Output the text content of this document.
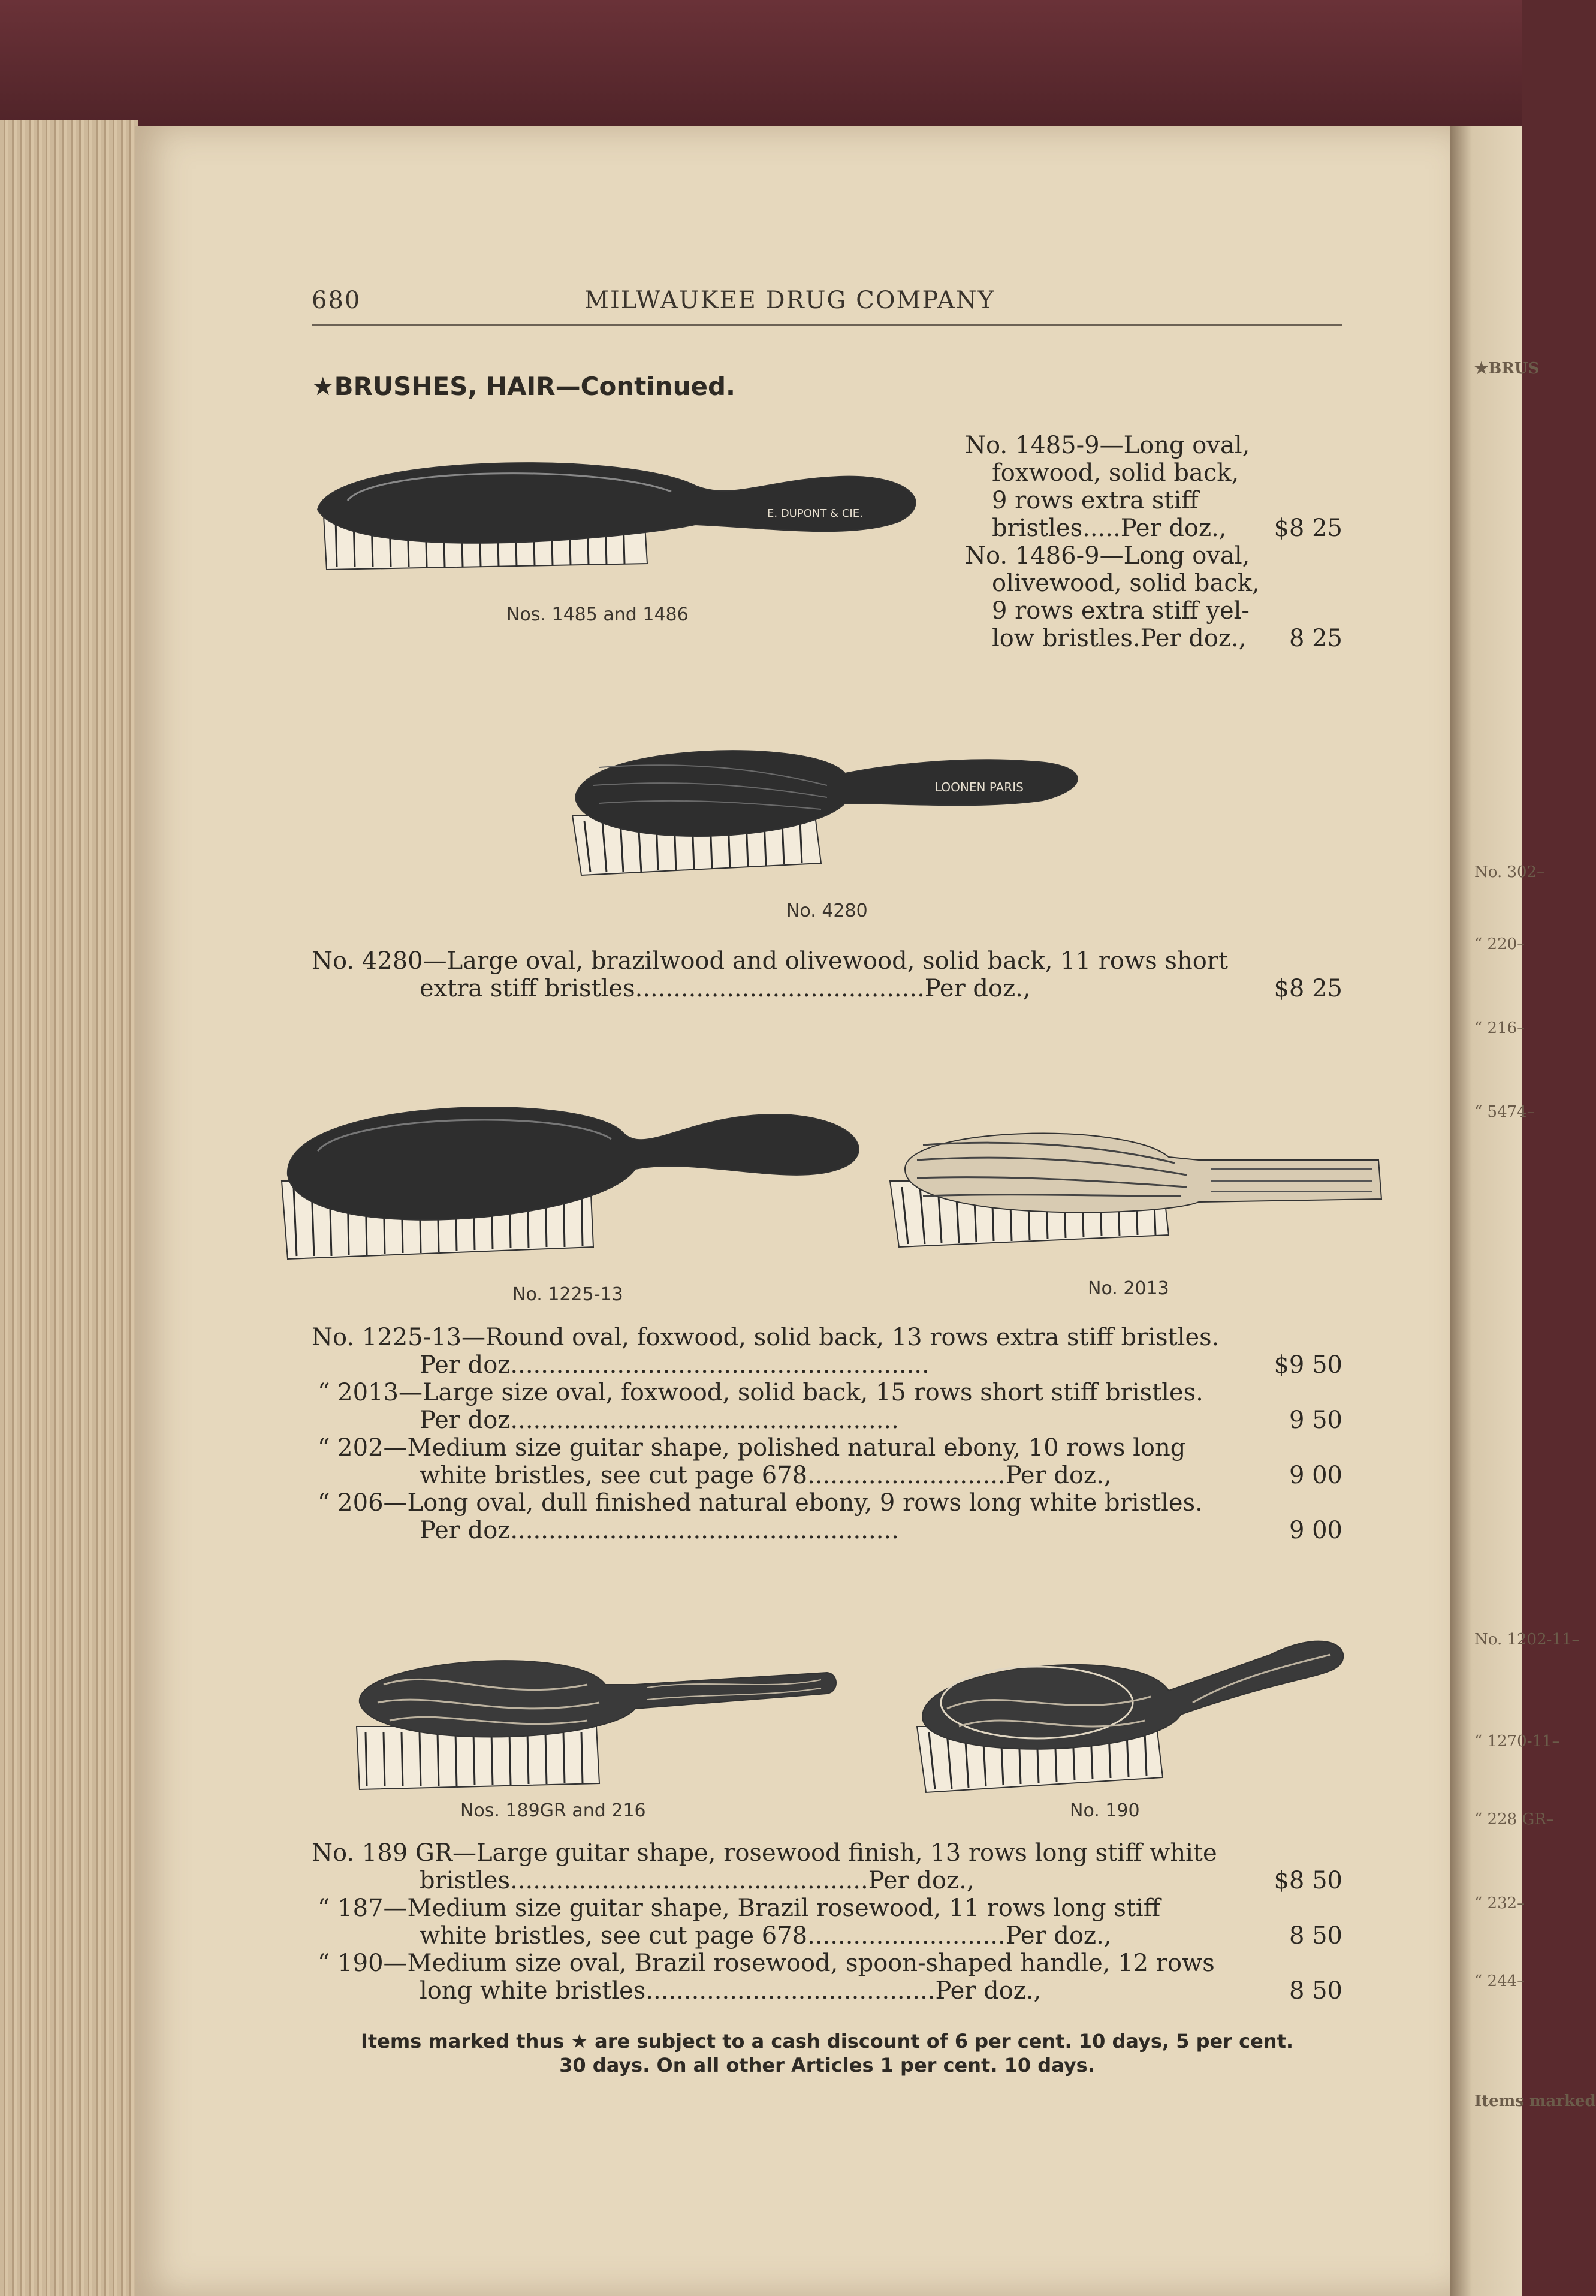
★BRUS
No. 302–
“ 220–
“ 216–
“ 5474–
No. 1202-11–
“ 1270-11–
“ 228 GR–
“ 232–
“ 244–
Items marked
680	MILWAUKEE DRUG COMPANY
★BRUSHES, HAIR—Continued.
E. DUPONT & CIE.
Nos. 1485 and 1486
No. 1485-9—Long oval,
foxwood, solid back,
9 rows extra stiff
bristles.....Per doz.,	$8 25
No. 1486-9—Long oval,
olivewood, solid back,
9 rows extra stiff yel-
low bristles.Per doz.,	8 25
LOONEN PARIS
No. 4280
No. 4280—Large oval, brazilwood and olivewood, solid back, 11 rows short
extra stiff bristles......................................Per doz.,	$8 25
No. 1225-13	No. 2013
No. 1225-13—Round oval, foxwood, solid back, 13 rows extra stiff bristles.
Per doz.......................................................	$9 50
“ 2013—Large size oval, foxwood, solid back, 15 rows short stiff bristles.
Per doz...................................................	9 50
“ 202—Medium size guitar shape, polished natural ebony, 10 rows long
white bristles, see cut page 678..........................Per doz.,	9 00
“ 206—Long oval, dull finished natural ebony, 9 rows long white bristles.
Per doz...................................................	9 00
Nos. 189GR and 216	No. 190
No. 189 GR—Large guitar shape, rosewood finish, 13 rows long stiff white
bristles...............................................Per doz.,	$8 50
“ 187—Medium size guitar shape, Brazil rosewood, 11 rows long stiff
white bristles, see cut page 678..........................Per doz.,	8 50
“ 190—Medium size oval, Brazil rosewood, spoon-shaped handle, 12 rows
long white bristles......................................Per doz.,	8 50
Items marked thus ★ are subject to a cash discount of 6 per cent. 10 days, 5 per cent.
30 days. On all other Articles 1 per cent. 10 days.
